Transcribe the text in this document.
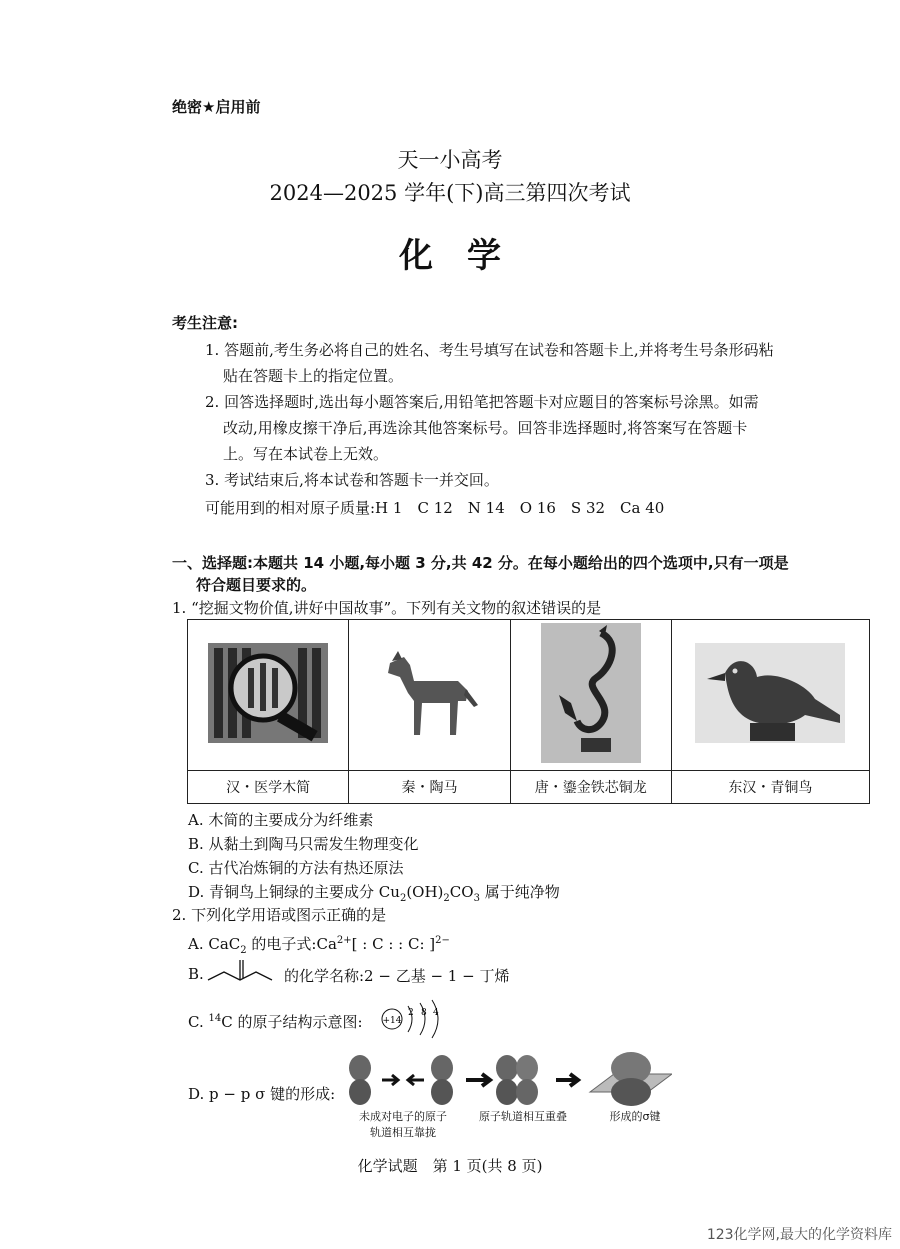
绝密★启用前
天一小高考
2024—2025 学年(下)高三第四次考试
化学
考生注意:
1. 答题前,考生务必将自己的姓名、考生号填写在试卷和答题卡上,并将考生号条形码粘
贴在答题卡上的指定位置。
2. 回答选择题时,选出每小题答案后,用铅笔把答题卡对应题目的答案标号涂黑。如需
改动,用橡皮擦干净后,再选涂其他答案标号。回答非选择题时,将答案写在答题卡
上。写在本试卷上无效。
3. 考试结束后,将本试卷和答题卡一并交回。
可能用到的相对原子质量:H 1　C 12　N 14　O 16　S 32　Ca 40
一、选择题:本题共 14 小题,每小题 3 分,共 42 分。在每小题给出的四个选项中,只有一项是
符合题目要求的。
1. “挖掘文物价值,讲好中国故事”。下列有关文物的叙述错误的是

汉・医学木简	秦・陶马	唐・鎏金铁芯铜龙	东汉・青铜鸟
A. 木简的主要成分为纤维素
B. 从黏土到陶马只需发生物理变化
C. 古代冶炼铜的方法有热还原法
D. 青铜鸟上铜绿的主要成分 $Cu_2(OH)_2CO_3$ 属于纯净物
2. 下列化学用语或图示正确的是
A. CaC$_2$ 的电子式$:Ca^{2+}$[ : C : : C: ]$^{2-}$
B.	的化学名称:2 − 乙基 − 1 − 丁烯
C. $^{14}$C 的原子结构示意图: +14
2 8 4
D. p − p σ 键的形成:
未成对电子的原子
轨道相互靠拢
原子轨道相互重叠	形成的σ键
化学试题　第 1 页(共 8 页)
123化学网,最大的化学资料库
